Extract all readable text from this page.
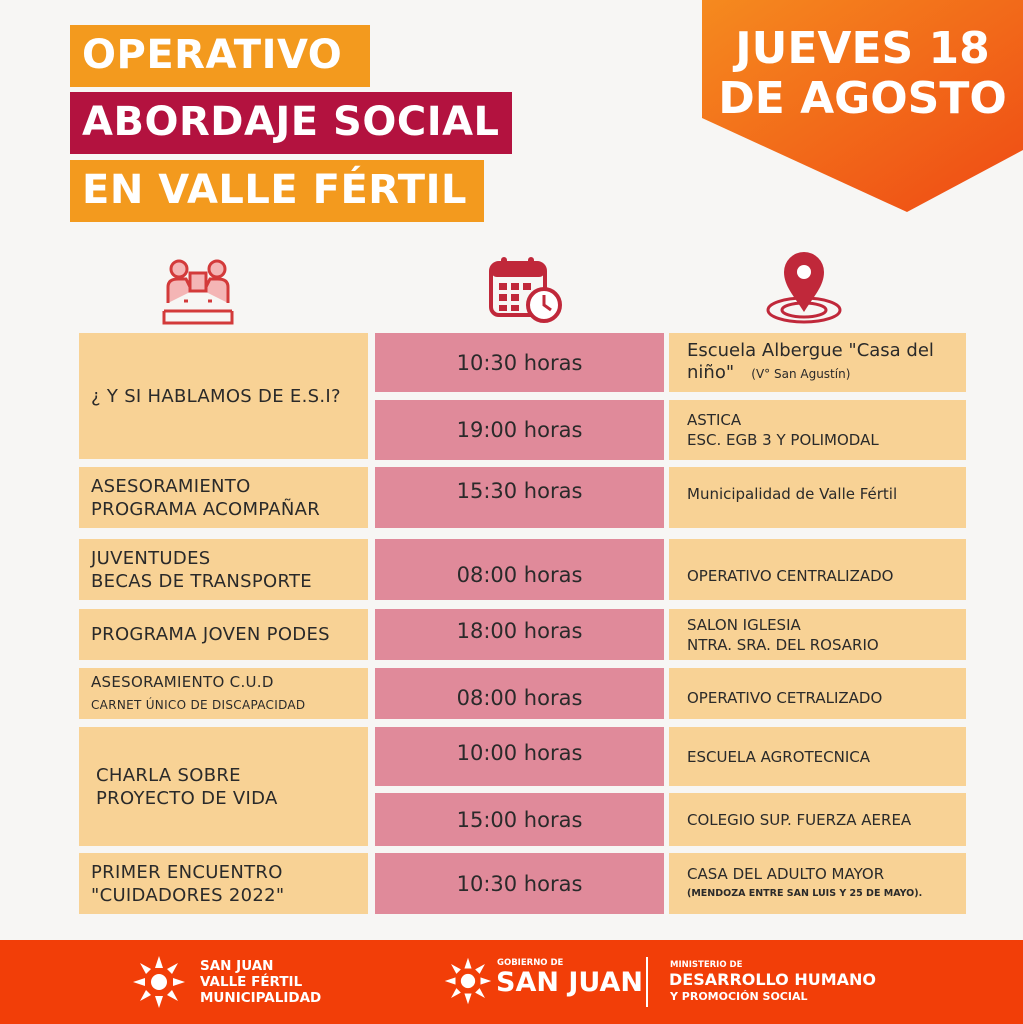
OPERATIVO
ABORDAJE SOCIAL
EN VALLE FÉRTIL
JUEVES 18
DE AGOSTO
¿ Y SI HABLAMOS DE E.S.I?
ASESORAMIENTO
PROGRAMA ACOMPAÑAR
JUVENTUDES
BECAS DE TRANSPORTE
PROGRAMA JOVEN PODES
ASESORAMIENTO C.U.D
CARNET ÚNICO DE DISCAPACIDAD
CHARLA SOBRE
PROYECTO DE VIDA
PRIMER ENCUENTRO
"CUIDADORES 2022"
10:30 horas
19:00 horas
15:30 horas
08:00 horas
18:00 horas
08:00 horas
10:00 horas
15:00 horas
10:30 horas
Escuela Albergue "Casa del
niño" (V° San Agustín)
ASTICA
ESC. EGB 3 Y POLIMODAL
Municipalidad de Valle Fértil
OPERATIVO CENTRALIZADO
SALON IGLESIA
NTRA. SRA. DEL ROSARIO
OPERATIVO CETRALIZADO
ESCUELA AGROTECNICA
COLEGIO SUP. FUERZA AEREA
CASA DEL ADULTO MAYOR
(MENDOZA ENTRE SAN LUIS Y 25 DE MAYO).
SAN JUAN
VALLE FÉRTIL
MUNICIPALIDAD
GOBIERNO DE
SAN JUAN
MINISTERIO DE
DESARROLLO HUMANO
Y PROMOCIÓN SOCIAL
